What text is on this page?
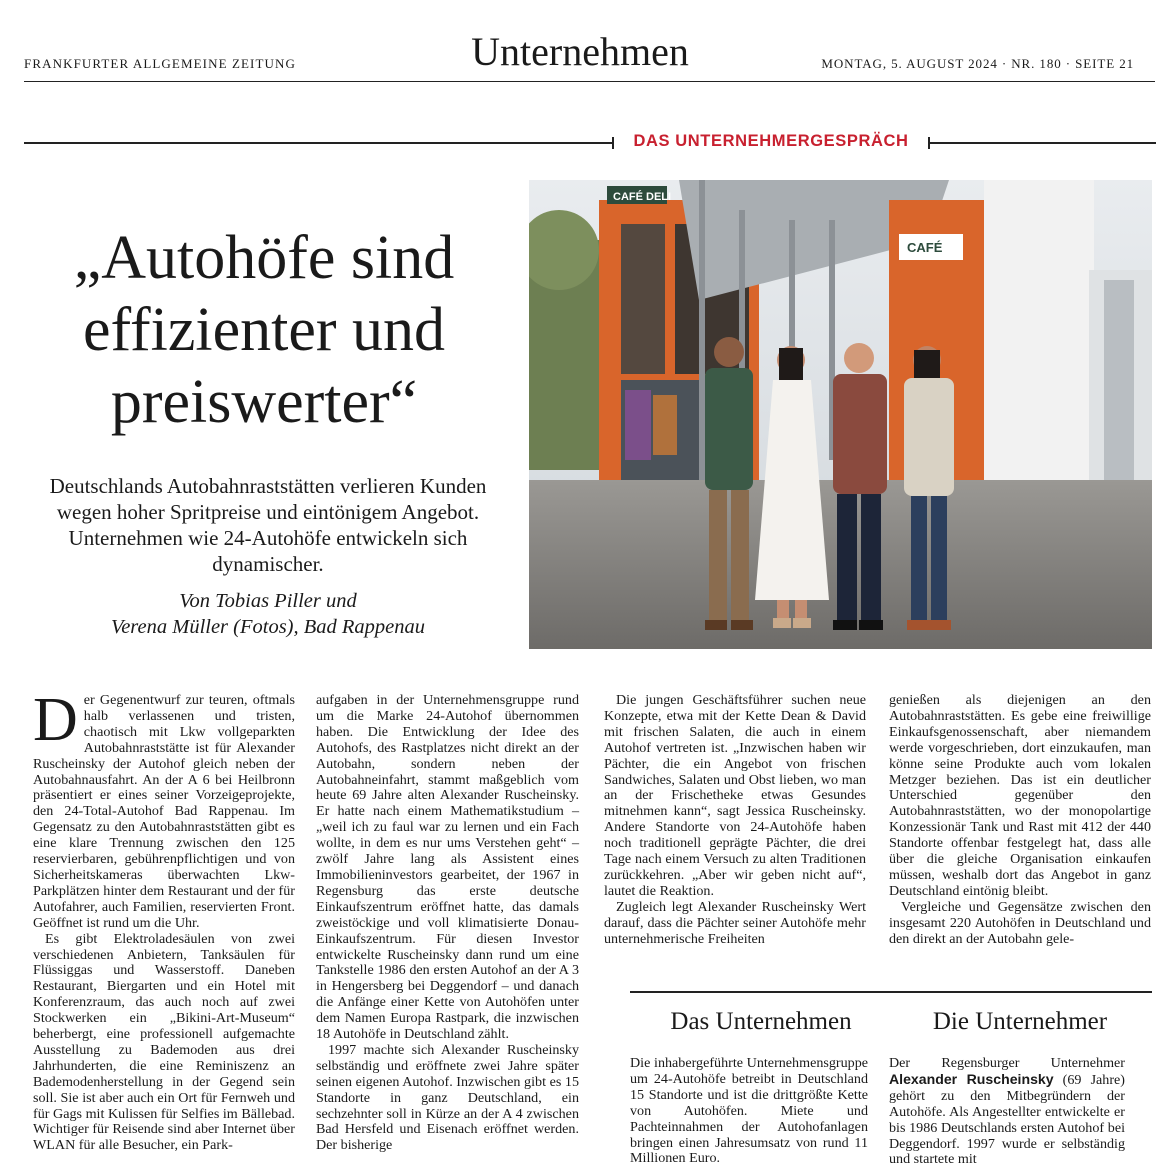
FRANKFURTER ALLGEMEINE ZEITUNG	Unternehmen	MONTAG, 5. AUGUST 2024 · NR. 180 · SEITE 21
DAS UNTERNEHMERGESPRÄCH
„Autohöfe sind effizienter und preiswerter“
Deutschlands Autobahnraststätten verlieren Kunden wegen hoher Spritpreise und eintönigem Angebot. Unternehmen wie 24-Autohöfe entwickeln sich dynamischer.
Von Tobias Piller und
Verena Müller (Fotos), Bad Rappenau
CAFÉ DELI
CAFÉ

Der Gegenentwurf zur teuren, oftmals halb verlassenen und tristen, chaotisch mit Lkw vollgeparkten Autobahnraststätte ist für Alexander Ruscheinsky der Autohof gleich neben der Autobahnausfahrt. An der A 6 bei Heilbronn präsentiert er eines seiner Vorzeigeprojekte, den 24-Total-Autohof Bad Rappenau. Im Gegensatz zu den Autobahnraststätten gibt es eine klare Trennung zwischen den 125 reservierbaren, gebührenpflichtigen und von Sicherheitskameras überwachten Lkw-Parkplätzen hinter dem Restaurant und der für Autofahrer, auch Familien, reservierten Front. Geöffnet ist rund um die Uhr.

Es gibt Elektroladesäulen von zwei verschiedenen Anbietern, Tanksäulen für Flüssiggas und Wasserstoff. Daneben Restaurant, Biergarten und ein Hotel mit Konferenzraum, das auch noch auf zwei Stockwerken ein „Bikini-Art-Museum“ beherbergt, eine professionell aufgemachte Ausstellung zu Bademoden aus drei Jahrhunderten, die eine Reminiszenz an Bademodenherstellung in der Gegend sein soll. Sie ist aber auch ein Ort für Fernweh und für Gags mit Kulissen für Selfies im Bällebad. Wichtiger für Reisende sind aber Internet über WLAN für alle Besucher, ein Park-

aufgaben in der Unternehmensgruppe rund um die Marke 24-Autohof übernommen haben. Die Entwicklung der Idee des Autohofs, des Rastplatzes nicht direkt an der Autobahn, sondern neben der Autobahneinfahrt, stammt maßgeblich vom heute 69 Jahre alten Alexander Ruscheinsky. Er hatte nach einem Mathematikstudium – „weil ich zu faul war zu lernen und ein Fach wollte, in dem es nur ums Verstehen geht“ – zwölf Jahre lang als Assistent eines Immobilieninvestors gearbeitet, der 1967 in Regensburg das erste deutsche Einkaufszentrum eröffnet hatte, das damals zweistöckige und voll klimatisierte Donau-Einkaufszentrum. Für diesen Investor entwickelte Ruscheinsky dann rund um eine Tankstelle 1986 den ersten Autohof an der A 3 in Hengersberg bei Deggendorf – und danach die Anfänge einer Kette von Autohöfen unter dem Namen Europa Rastpark, die inzwischen 18 Autohöfe in Deutschland zählt.

1997 machte sich Alexander Ruscheinsky selbständig und eröffnete zwei Jahre später seinen eigenen Autohof. Inzwischen gibt es 15 Standorte in ganz Deutschland, ein sechzehnter soll in Kürze an der A 4 zwischen Bad Hersfeld und Eisenach eröffnet werden. Der bisherige

Die jungen Geschäftsführer suchen neue Konzepte, etwa mit der Kette Dean & David mit frischen Salaten, die auch in einem Autohof vertreten ist. „Inzwischen haben wir Pächter, die ein Angebot von frischen Sandwiches, Salaten und Obst lieben, wo man an der Frischetheke etwas Gesundes mitnehmen kann“, sagt Jessica Ruscheinsky. Andere Standorte von 24-Autohöfe haben noch traditionell geprägte Pächter, die drei Tage nach einem Versuch zu alten Traditionen zurückkehren. „Aber wir geben nicht auf“, lautet die Reaktion.

Zugleich legt Alexander Ruscheinsky Wert darauf, dass die Pächter seiner Autohöfe mehr unternehmerische Freiheiten

genießen als diejenigen an den Autobahnraststätten. Es gebe eine freiwillige Einkaufsgenossenschaft, aber niemandem werde vorgeschrieben, dort einzukaufen, man könne seine Produkte auch vom lokalen Metzger beziehen. Das ist ein deutlicher Unterschied gegenüber den Autobahnraststätten, wo der monopolartige Konzessionär Tank und Rast mit 412 der 440 Standorte offenbar festgelegt hat, dass alle über die gleiche Organisation einkaufen müssen, weshalb dort das Angebot in ganz Deutschland eintönig bleibt.

Vergleiche und Gegensätze zwischen den insgesamt 220 Autohöfen in Deutschland und den direkt an der Autobahn gele-

Das Unternehmen
Die inhabergeführte Unternehmensgruppe um 24-Autohöfe betreibt in Deutschland 15 Standorte und ist die drittgrößte Kette von Autohöfen. Miete und Pachteinnahmen der Autohofanlagen bringen einen Jahresumsatz von rund 11 Millionen Euro.
Die Unternehmer
Der Regensburger Unternehmer Alexander Ruscheinsky (69 Jahre) gehört zu den Mitbegründern der Autohöfe. Als Angestellter entwickelte er bis 1986 Deutschlands ersten Autohof bei Deggendorf. 1997 wurde er selbständig und startete mit
